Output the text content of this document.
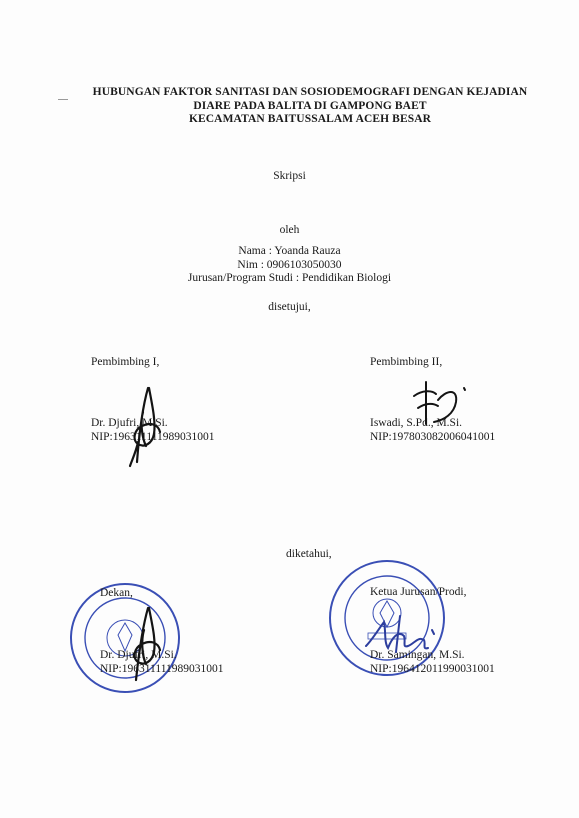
HUBUNGAN FAKTOR SANITASI DAN SOSIODEMOGRAFI DENGAN KEJADIAN
DIARE PADA BALITA DI GAMPONG BAET
KECAMATAN BAITUSSALAM ACEH BESAR
Skripsi
oleh
Nama : Yoanda Rauza
Nim : 0906103050030
Jurusan/Program Studi : Pendidikan Biologi
disetujui,
Pembimbing I,
Dr. Djufri, M.Si.
NIP:196311111989031001
Pembimbing II,
Iswadi, S.Pd., M.Si.
NIP:197803082006041001
diketahui,
Dekan,
Dr. Djufri, M.Si.
NIP:196311111989031001
Ketua Jurusan/Prodi,
Dr. Samingan, M.Si.
NIP:196412011990031001
